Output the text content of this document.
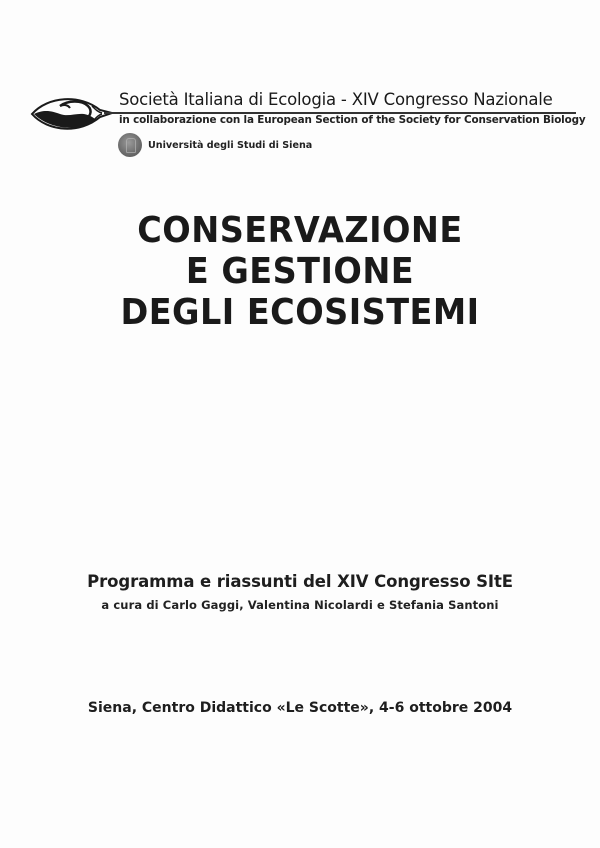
Società Italiana di Ecologia - XIV Congresso Nazionale
in collaborazione con la European Section of the Society for Conservation Biology
Università degli Studi di Siena
CONSERVAZIONE
E GESTIONE
DEGLI ECOSISTEMI
Programma e riassunti del XIV Congresso SItE
a cura di Carlo Gaggi, Valentina Nicolardi e Stefania Santoni
Siena, Centro Didattico «Le Scotte», 4-6 ottobre 2004
